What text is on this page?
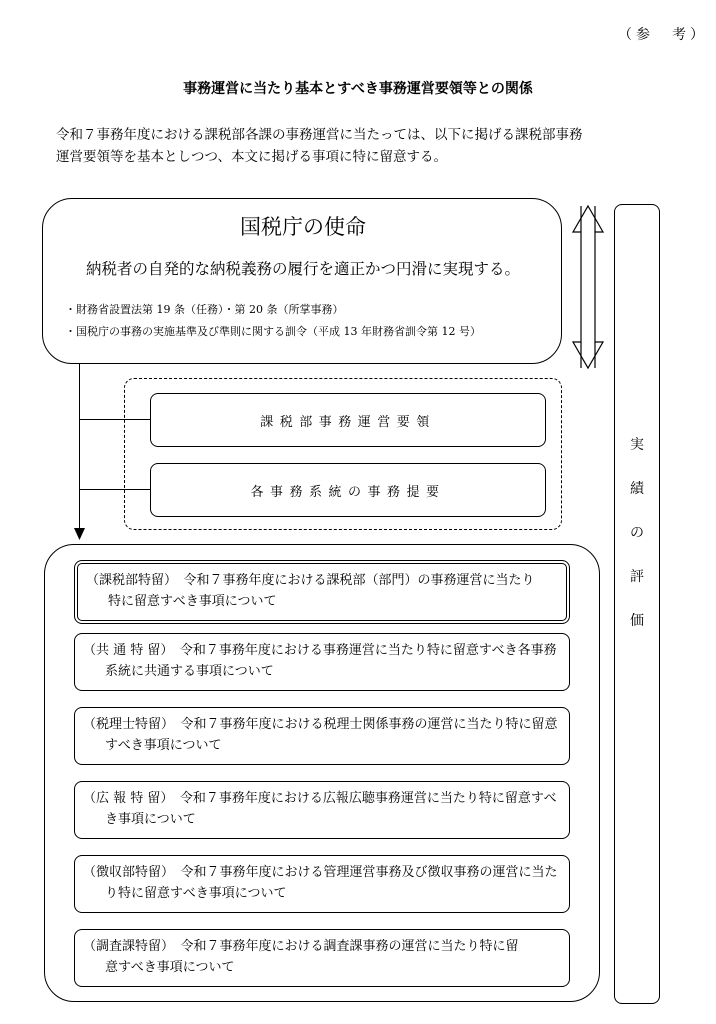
（参　考）
事務運営に当たり基本とすべき事務運営要領等との関係

令和７事務年度における課税部各課の事務運営に当たっては、以下に掲げる課税部事務

運営要領等を基本としつつ、本文に掲げる事項に特に留意する。

国税庁の使命
納税者の自発的な納税義務の履行を適正かつ円滑に実現する。
・財務省設置法第 19 条（任務）・第 20 条（所掌事務）
・国税庁の事務の実施基準及び準則に関する訓令（平成 13 年財務省訓令第 12 号）
実
績
の
評
価
課税部事務運営要領
各事務系統の事務提要
（課税部特留）　令和７事務年度における課税部（部門）の事務運営に当たり
特に留意すべき事項について
（共 通 特 留）　令和７事務年度における事務運営に当たり特に留意すべき各事務
系統に共通する事項について
（税理士特留）　令和７事務年度における税理士関係事務の運営に当たり特に留意
すべき事項について
（広 報 特 留）　令和７事務年度における広報広聴事務運営に当たり特に留意すべ
き事項について
（徴収部特留）　令和７事務年度における管理運営事務及び徴収事務の運営に当た
り特に留意すべき事項について
（調査課特留）　令和７事務年度における調査課事務の運営に当たり特に留
意すべき事項について
